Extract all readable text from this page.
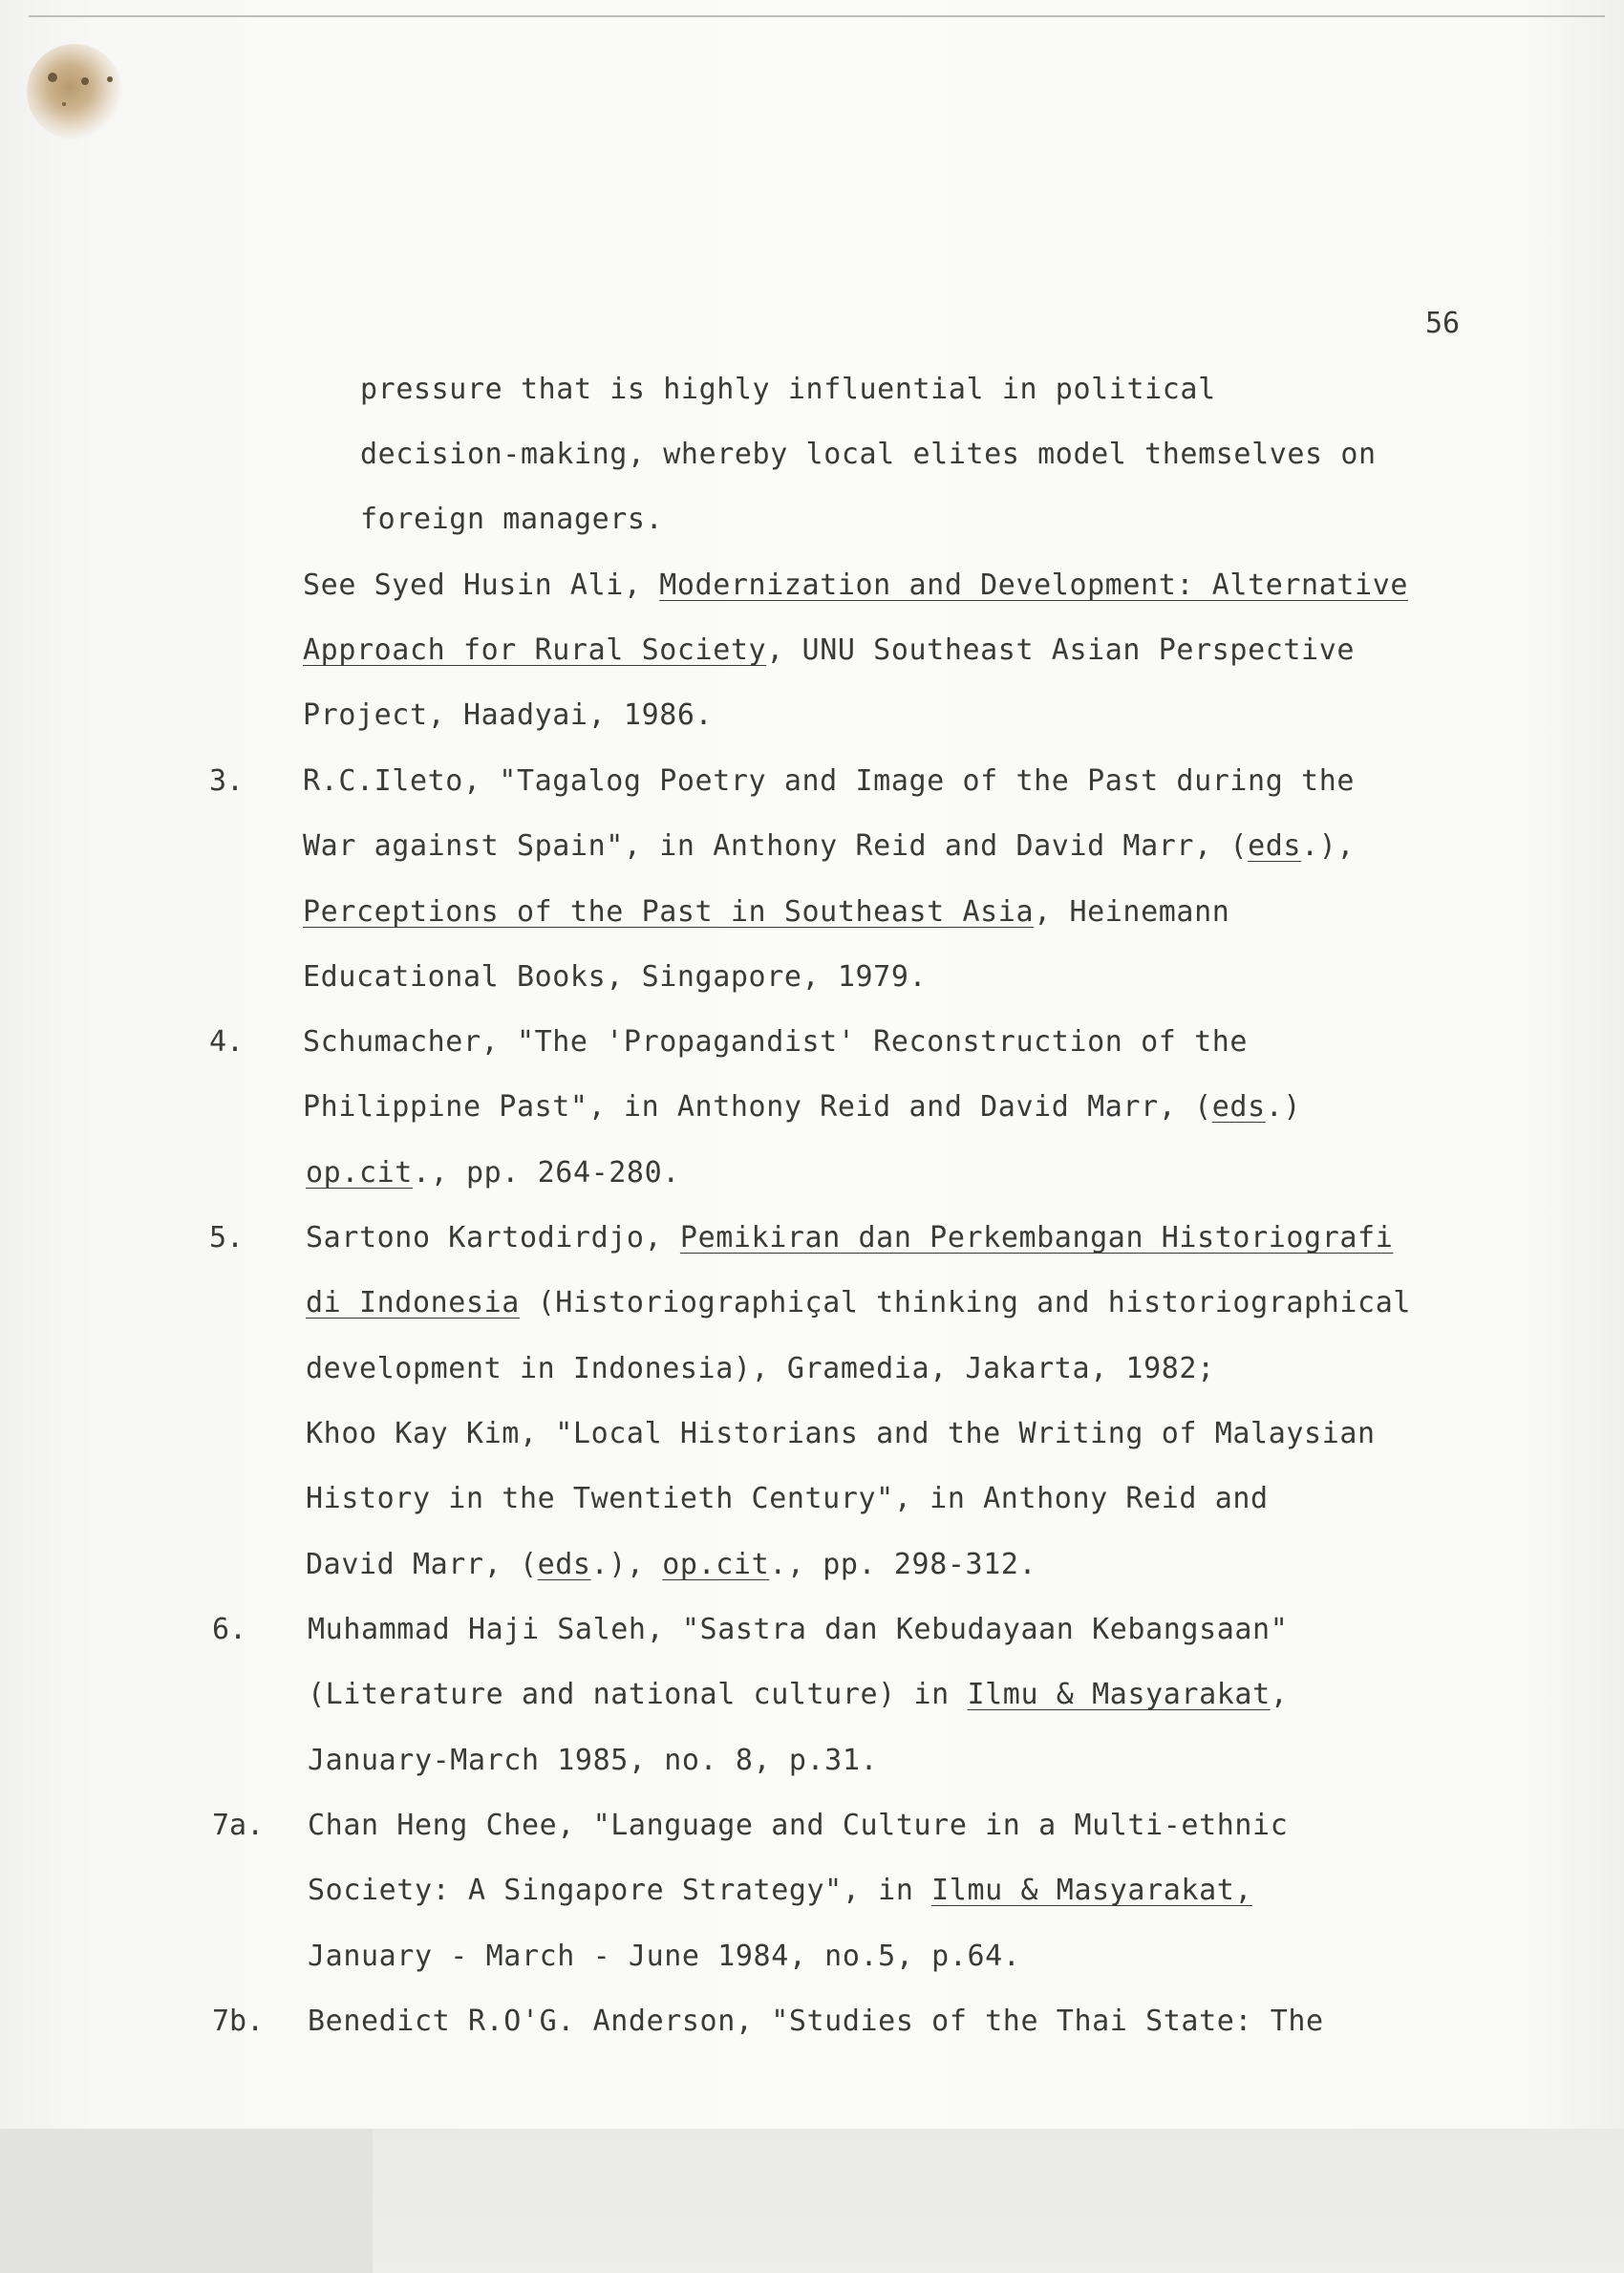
56
pressure that is highly influential in political
decision-making, whereby local elites model themselves on
foreign managers.
See Syed Husin Ali, Modernization and Development: Alternative
Approach for Rural Society, UNU Southeast Asian Perspective
Project, Haadyai, 1986.
3. R.C.Ileto, "Tagalog Poetry and Image of the Past during the
War against Spain", in Anthony Reid and David Marr, (eds.),
Perceptions of the Past in Southeast Asia, Heinemann
Educational Books, Singapore, 1979.
4. Schumacher, "The 'Propagandist' Reconstruction of the
Philippine Past", in Anthony Reid and David Marr, (eds.)
op.cit., pp. 264-280.
5. Sartono Kartodirdjo, Pemikiran dan Perkembangan Historiografi
di Indonesia (Historiographiçal thinking and historiographical
development in Indonesia), Gramedia, Jakarta, 1982;
Khoo Kay Kim, "Local Historians and the Writing of Malaysian
History in the Twentieth Century", in Anthony Reid and
David Marr, (eds.), op.cit., pp. 298-312.
6. Muhammad Haji Saleh, "Sastra dan Kebudayaan Kebangsaan"
(Literature and national culture) in Ilmu & Masyarakat,
January-March 1985, no. 8, p.31.
7a. Chan Heng Chee, "Language and Culture in a Multi-ethnic
Society: A Singapore Strategy", in Ilmu & Masyarakat,
January - March - June 1984, no.5, p.64.
7b. Benedict R.O'G. Anderson, "Studies of the Thai State: The
